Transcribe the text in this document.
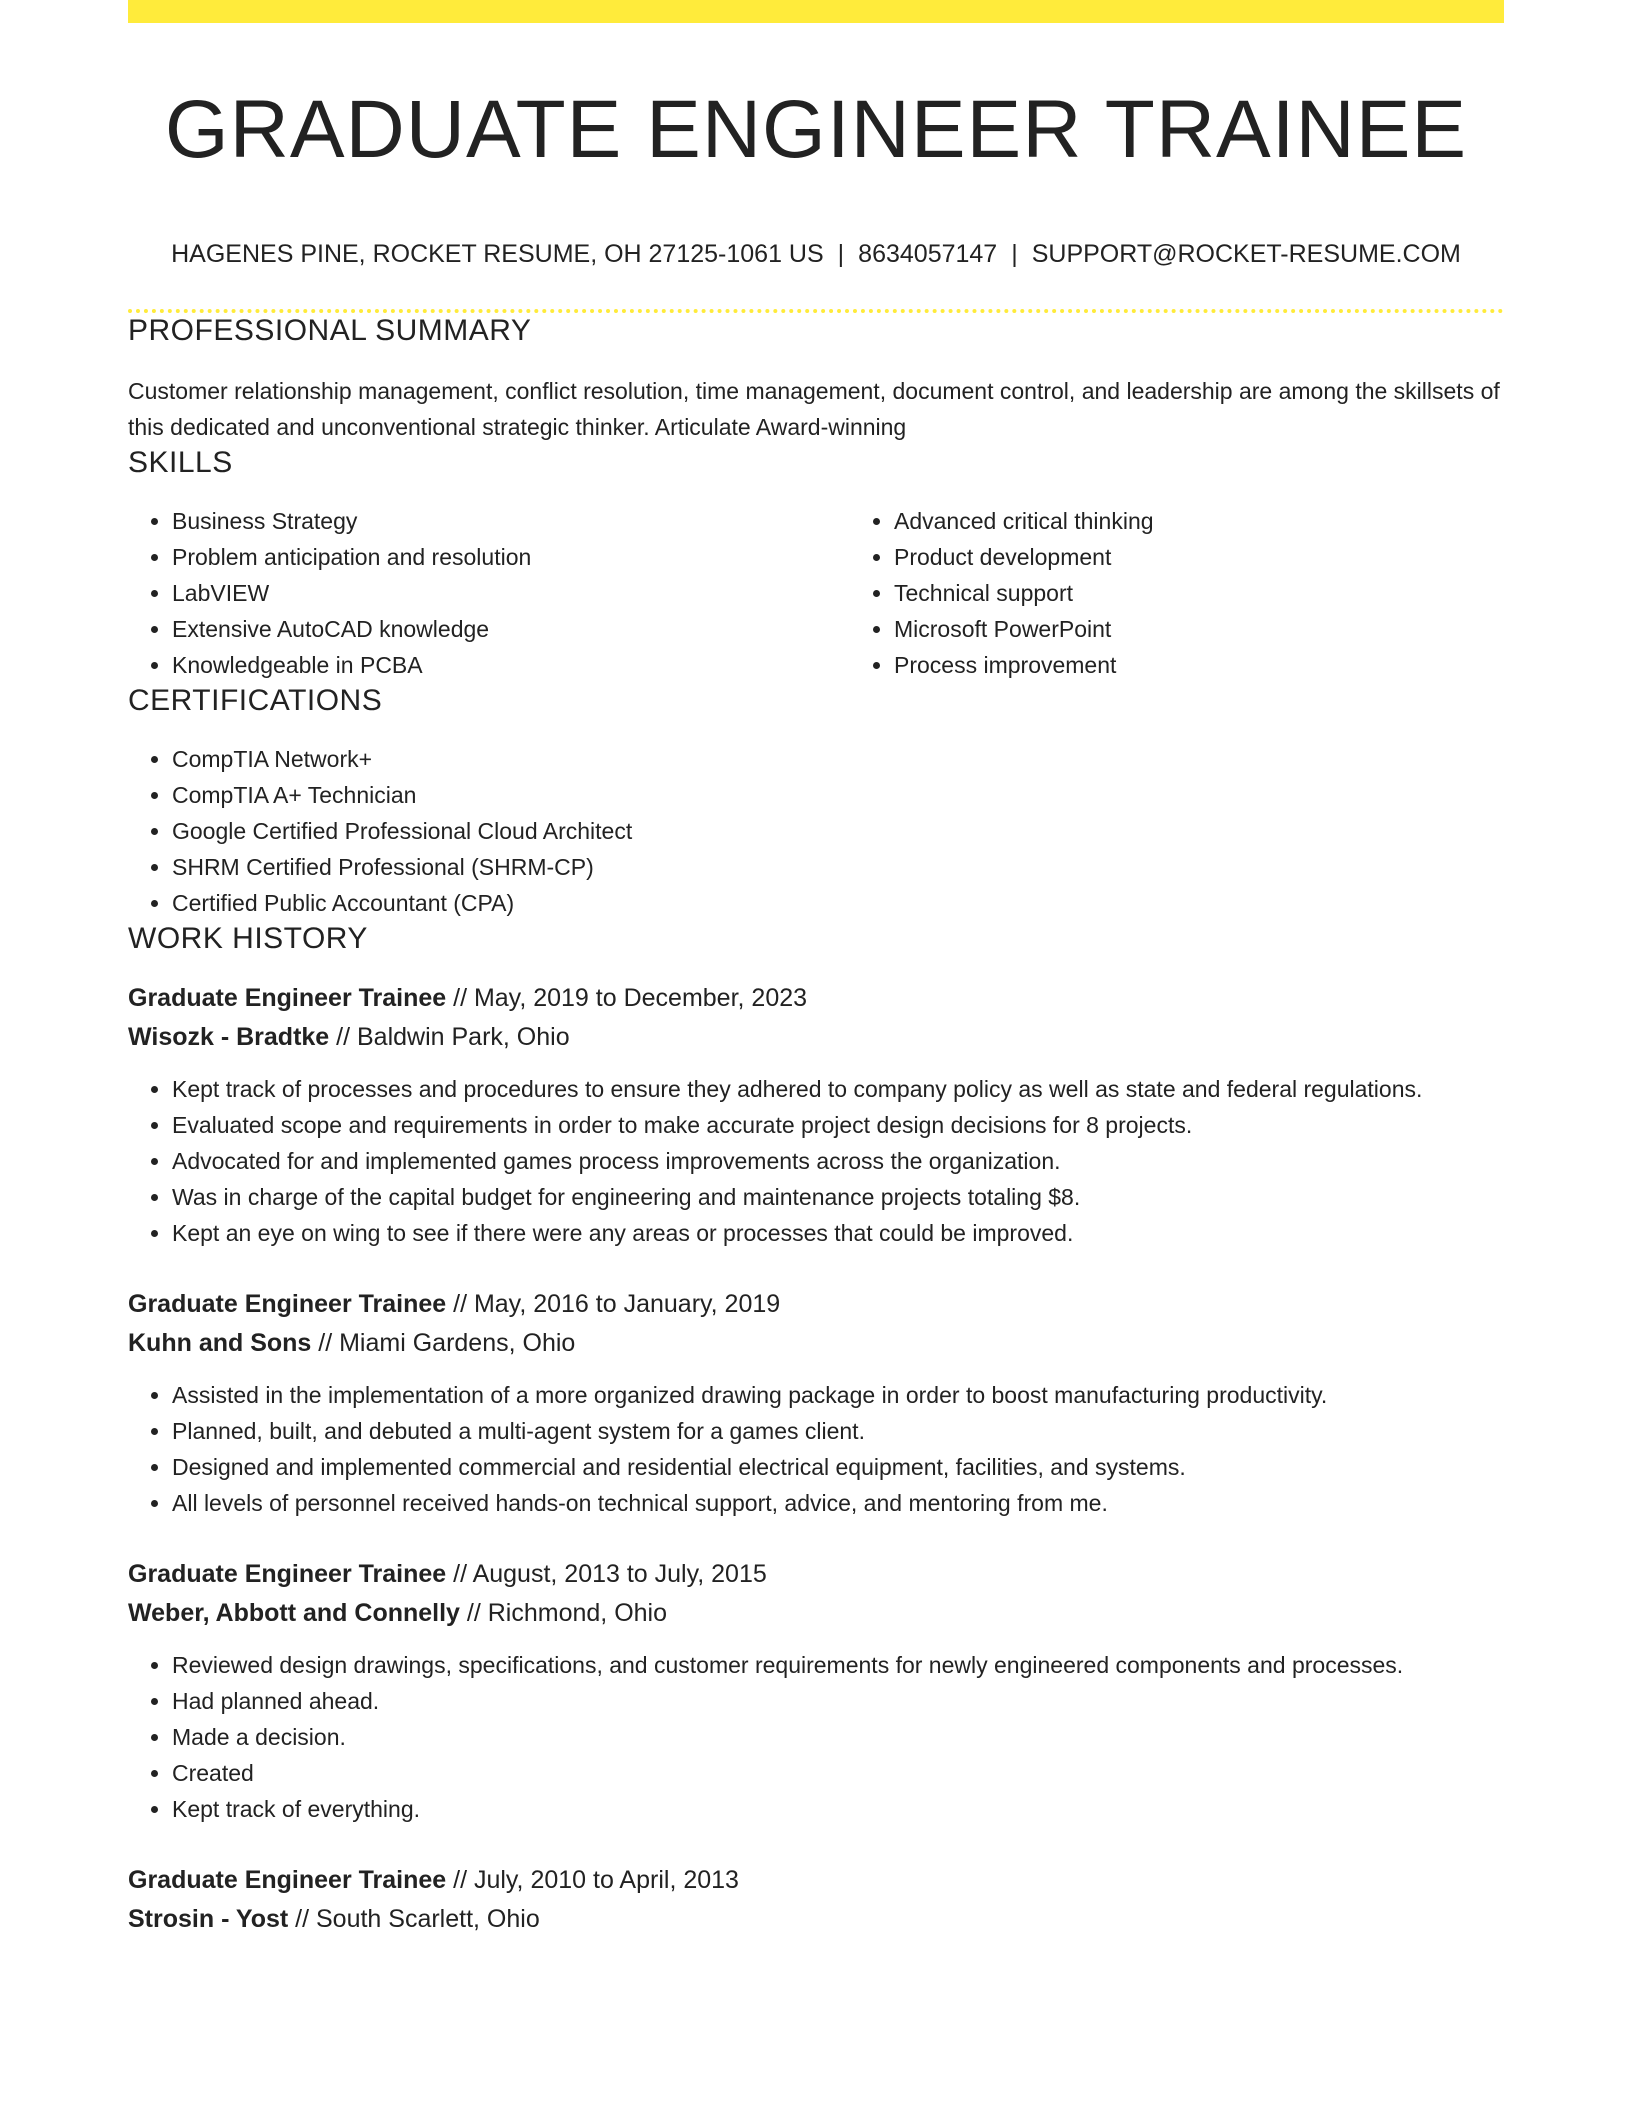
GRADUATE ENGINEER TRAINEE
HAGENES PINE, ROCKET RESUME, OH 27125-1061 US | 8634057147 | SUPPORT@ROCKET-RESUME.COM
PROFESSIONAL SUMMARY

Customer relationship management, conflict resolution, time management, document control, and leadership are among the skillsets of this dedicated and unconventional strategic thinker. Articulate Award-winning

SKILLS
• Business Strategy
• Problem anticipation and resolution
• LabVIEW
• Extensive AutoCAD knowledge
• Knowledgeable in PCBA
• Advanced critical thinking
• Product development
• Technical support
• Microsoft PowerPoint
• Process improvement
CERTIFICATIONS
• CompTIA Network+
• CompTIA A+ Technician
• Google Certified Professional Cloud Architect
• SHRM Certified Professional (SHRM-CP)
• Certified Public Accountant (CPA)
WORK HISTORY
Graduate Engineer Trainee // May, 2019 to December, 2023
Wisozk - Bradtke // Baldwin Park, Ohio
• Kept track of processes and procedures to ensure they adhered to company policy as well as state and federal regulations.
• Evaluated scope and requirements in order to make accurate project design decisions for 8 projects.
• Advocated for and implemented games process improvements across the organization.
• Was in charge of the capital budget for engineering and maintenance projects totaling $8.
• Kept an eye on wing to see if there were any areas or processes that could be improved.
Graduate Engineer Trainee // May, 2016 to January, 2019
Kuhn and Sons // Miami Gardens, Ohio
• Assisted in the implementation of a more organized drawing package in order to boost manufacturing productivity.
• Planned, built, and debuted a multi-agent system for a games client.
• Designed and implemented commercial and residential electrical equipment, facilities, and systems.
• All levels of personnel received hands-on technical support, advice, and mentoring from me.
Graduate Engineer Trainee // August, 2013 to July, 2015
Weber, Abbott and Connelly // Richmond, Ohio
• Reviewed design drawings, specifications, and customer requirements for newly engineered components and processes.
• Had planned ahead.
• Made a decision.
• Created
• Kept track of everything.
Graduate Engineer Trainee // July, 2010 to April, 2013
Strosin - Yost // South Scarlett, Ohio
